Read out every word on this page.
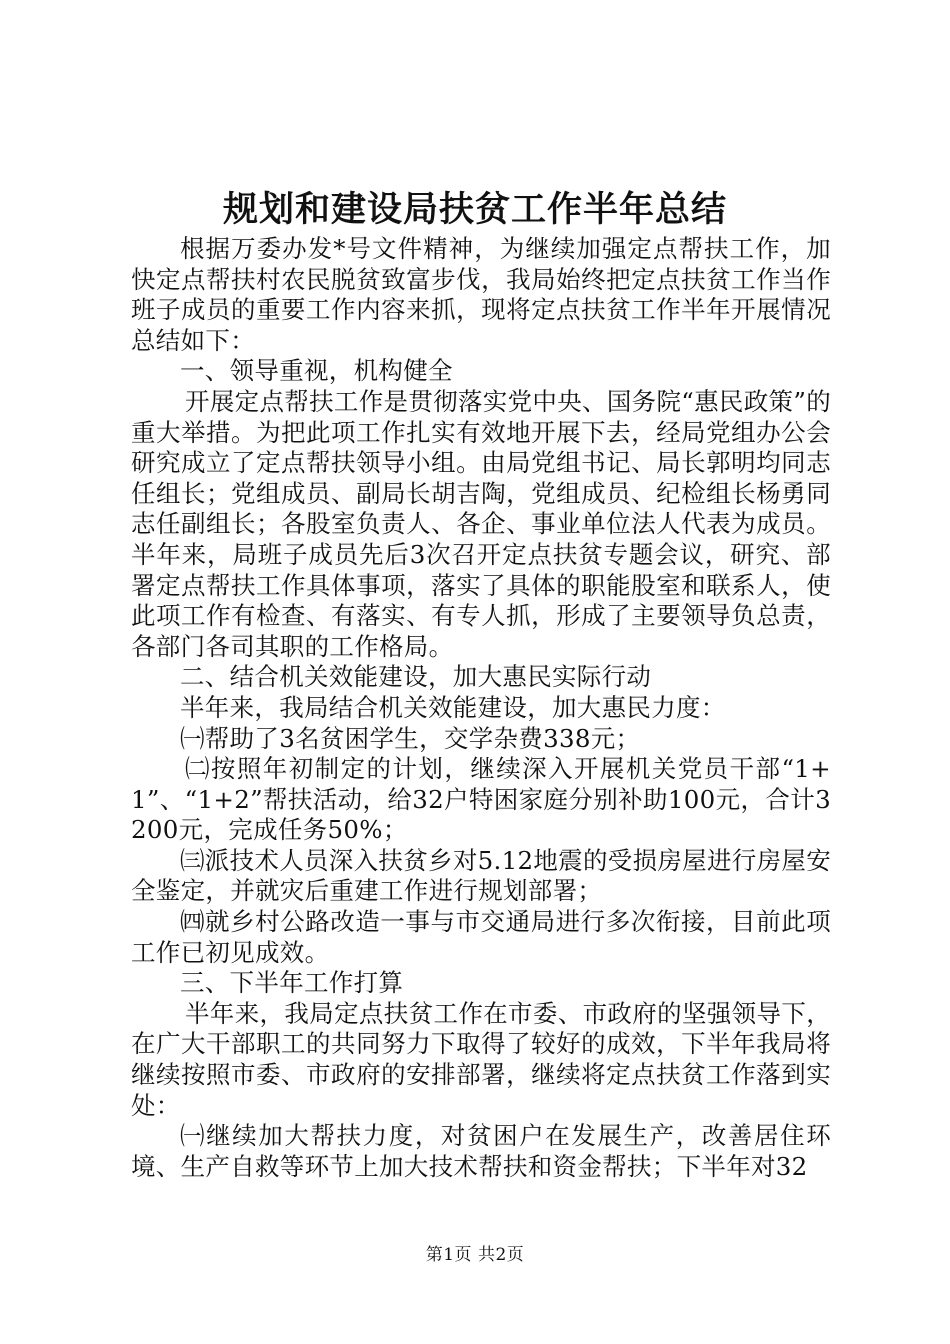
规划和建设局扶贫工作半年总结

根据万委办发*号文件精神，为继续加强定点帮扶工作，加快定点帮扶村农民脱贫致富步伐，我局始终把定点扶贫工作当作班子成员的重要工作内容来抓，现将定点扶贫工作半年开展情况总结如下：

一、领导重视，机构健全

开展定点帮扶工作是贯彻落实党中央、国务院“惠民政策”的重大举措。为把此项工作扎实有效地开展下去，经局党组办公会研究成立了定点帮扶领导小组。由局党组书记、局长郭明均同志任组长；党组成员、副局长胡吉陶，党组成员、纪检组长杨勇同志任副组长；各股室负责人、各企、事业单位法人代表为成员。半年来，局班子成员先后3次召开定点扶贫专题会议，研究、部署定点帮扶工作具体事项，落实了具体的职能股室和联系人，使此项工作有检查、有落实、有专人抓，形成了主要领导负总责，各部门各司其职的工作格局。

二、结合机关效能建设，加大惠民实际行动

半年来，我局结合机关效能建设，加大惠民力度：

㈠帮助了3名贫困学生，交学杂费338元；

㈡按照年初制定的计划，继续深入开展机关党员干部“1+1”、“1+2”帮扶活动，给32户特困家庭分别补助100元，合计3200元，完成任务50%；

㈢派技术人员深入扶贫乡对5.12地震的受损房屋进行房屋安全鉴定，并就灾后重建工作进行规划部署；

㈣就乡村公路改造一事与市交通局进行多次衔接，目前此项工作已初见成效。

三、下半年工作打算

半年来，我局定点扶贫工作在市委、市政府的坚强领导下，在广大干部职工的共同努力下取得了较好的成效，下半年我局将继续按照市委、市政府的安排部署，继续将定点扶贫工作落到实处：

㈠继续加大帮扶力度，对贫困户在发展生产，改善居住环境、生产自救等环节上加大技术帮扶和资金帮扶；下半年对32

第1页 共2页
